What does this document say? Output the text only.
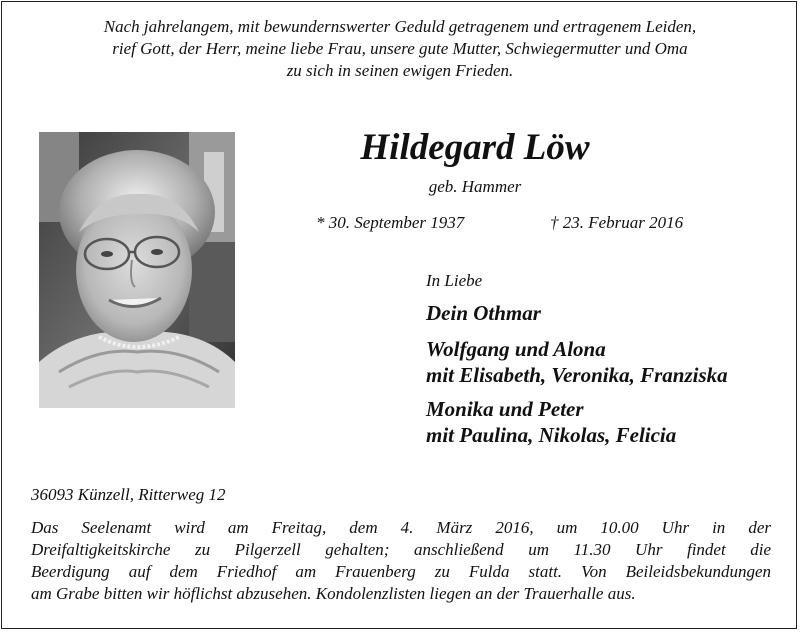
Nach jahrelangem, mit bewundernswerter Geduld getragenem und ertragenem Leiden,
rief Gott, der Herr, meine liebe Frau, unsere gute Mutter, Schwiegermutter und Oma
zu sich in seinen ewigen Frieden.
Hildegard Löw
geb. Hammer
* 30. September 1937	† 23. Februar 2016
In Liebe
Dein Othmar
Wolfgang und Alona
mit Elisabeth, Veronika, Franziska
Monika und Peter
mit Paulina, Nikolas, Felicia
36093 Künzell, Ritterweg 12
Das Seelenamt wird am Freitag, dem 4. März 2016, um 10.00 Uhr in der
Dreifaltigkeitskirche zu Pilgerzell gehalten; anschließend um 11.30 Uhr findet die
Beerdigung auf dem Friedhof am Frauenberg zu Fulda statt. Von Beileidsbekundungen
am Grabe bitten wir höflichst abzusehen. Kondolenzlisten liegen an der Trauerhalle aus.
